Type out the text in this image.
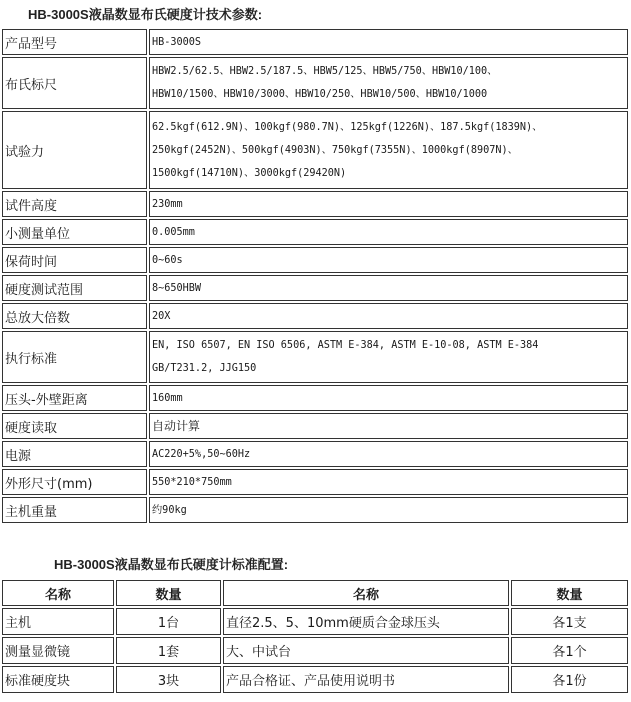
HB-3000S液晶数显布氏硬度计技术参数:
产品型号	HB-3000S

布氏标尺	HBW2.5/62.5、HBW2.5/187.5、HBW5/125、HBW5/750、HBW10/100、
HBW10/1500、HBW10/3000、HBW10/250、HBW10/500、HBW10/1000

试验力	62.5kgf(612.9N)、100kgf(980.7N)、125kgf(1226N)、187.5kgf(1839N)、
250kgf(2452N)、500kgf(4903N)、750kgf(7355N)、1000kgf(8907N)、
1500kgf(14710N)、3000kgf(29420N)

试件高度	230mm

小测量单位	0.005mm

保荷时间	0~60s

硬度测试范围	8~650HBW

总放大倍数	20X

执行标准	EN, ISO 6507, EN ISO 6506, ASTM E-384, ASTM E-10-08, ASTM E-384
GB/T231.2, JJG150

压头-外壁距离	160mm

硬度读取	自动计算

电源	AC220+5%,50~60Hz

外形尺寸(mm)	550*210*750mm

主机重量	约90kg
HB-3000S液晶数显布氏硬度计标准配置:
名称	数量	名称	数量
主机	1台	直径2.5、5、10mm硬质合金球压头	各1支
测量显微镜	1套	大、中试台	各1个
标准硬度块	3块	产品合格证、产品使用说明书	各1份
